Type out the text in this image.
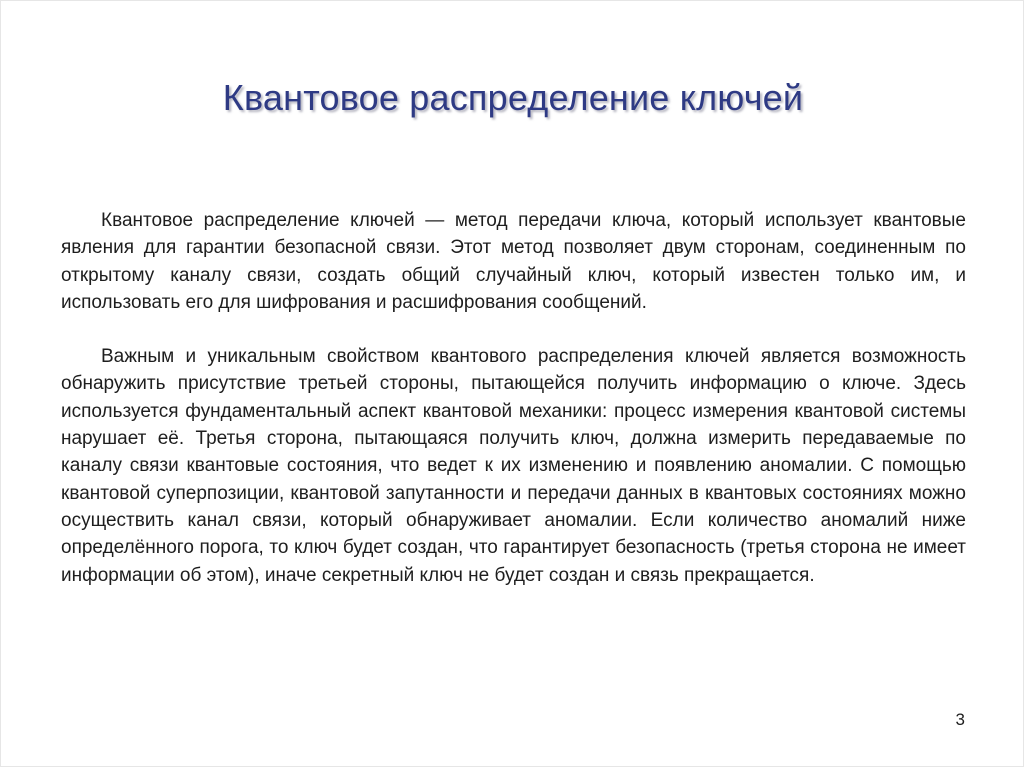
Квантовое распределение ключей

Квантовое распределение ключей — метод передачи ключа, который использует квантовые явления для гарантии безопасной связи. Этот метод позволяет двум сторонам, соединенным по открытому каналу связи, создать общий случайный ключ, который известен только им, и использовать его для шифрования и расшифрования сообщений.

Важным и уникальным свойством квантового распределения ключей является возможность обнаружить присутствие третьей стороны, пытающейся получить информацию о ключе. Здесь используется фундаментальный аспект квантовой механики: процесс измерения квантовой системы нарушает её. Третья сторона, пытающаяся получить ключ, должна измерить передаваемые по каналу связи квантовые состояния, что ведет к их изменению и появлению аномалии. С помощью квантовой суперпозиции, квантовой запутанности и передачи данных в квантовых состояниях можно осуществить канал связи, который обнаруживает аномалии. Если количество аномалий ниже определённого порога, то ключ будет создан, что гарантирует безопасность (третья сторона не имеет информации об этом), иначе секретный ключ не будет создан и связь прекращается.

3
